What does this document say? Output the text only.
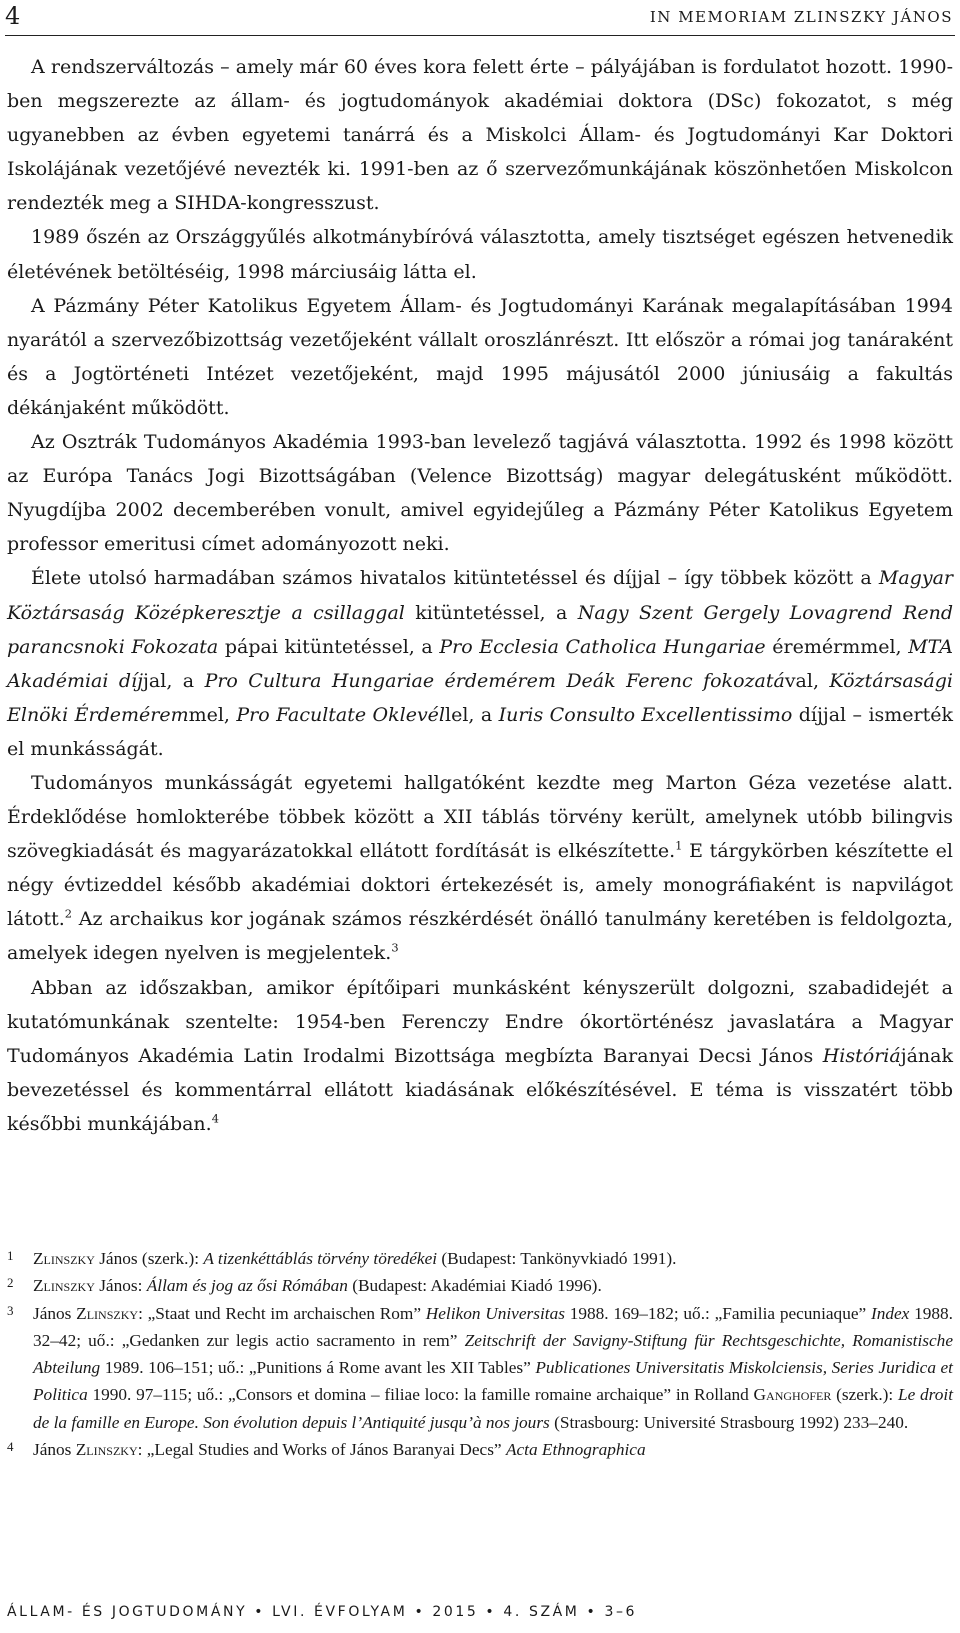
4	IN MEMORIAM ZLINSZKY JÁNOS

A rendszerváltozás – amely már 60 éves kora felett érte – pályájában is fordulatot hozott. 1990-ben megszerezte az állam- és jogtudományok akadémiai doktora (DSc) fokozatot, s még ugyanebben az évben egyetemi tanárrá és a Miskolci Állam- és Jogtudományi Kar Doktori Iskolájának vezetőjévé nevezték ki. 1991-ben az ő szervezőmunkájának köszönhetően Miskolcon rendezték meg a SIHDA-kongresszust.

1989 őszén az Országgyűlés alkotmánybíróvá választotta, amely tisztséget egészen hetvenedik életévének betöltéséig, 1998 márciusáig látta el.

A Pázmány Péter Katolikus Egyetem Állam- és Jogtudományi Karának megalapításában 1994 nyarától a szervezőbizottság vezetőjeként vállalt oroszlánrészt. Itt először a római jog tanáraként és a Jogtörténeti Intézet vezetőjeként, majd 1995 májusától 2000 júniusáig a fakultás dékánjaként működött.

Az Osztrák Tudományos Akadémia 1993-ban levelező tagjává választotta. 1992 és 1998 között az Európa Tanács Jogi Bizottságában (Velence Bizottság) magyar delegátusként működött. Nyugdíjba 2002 decemberében vonult, amivel egyidejűleg a Pázmány Péter Katolikus Egyetem professor emeritusi címet adományozott neki.

Élete utolsó harmadában számos hivatalos kitüntetéssel és díjjal – így többek között a Magyar Köztársaság Középkeresztje a csillaggal kitüntetéssel, a Nagy Szent Gergely Lovagrend Rend parancsnoki Fokozata pápai kitüntetéssel, a Pro Ecclesia Catholica Hungariae éremérmmel, MTA Akadémiai díjjal, a Pro Cultura Hungariae érdemérem Deák Ferenc fokozatával, Köztársasági Elnöki Érdeméremmel, Pro Facultate Oklevéllel, a Iuris Consulto Excellentissimo díjjal – ismerték el munkásságát.

Tudományos munkásságát egyetemi hallgatóként kezdte meg Marton Géza vezetése alatt. Érdeklődése homlokterébe többek között a XII táblás törvény került, amelynek utóbb bilingvis szövegkiadását és magyarázatokkal ellátott fordítását is elkészítette.$^1$ E tárgykörben készítette el négy évtizeddel később akadémiai doktori értekezését is, amely monográfiaként is napvilágot látott.$^2$ Az archaikus kor jogának számos részkérdését önálló tanulmány keretében is feldolgozta, amelyek idegen nyelven is megjelentek.$^3$

Abban az időszakban, amikor építőipari munkásként kényszerült dolgozni, szabadidejét a kutatómunkának szentelte: 1954-ben Ferenczy Endre ókortörténész javaslatára a Magyar Tudományos Akadémia Latin Irodalmi Bizottsága megbízta Baranyai Decsi János Históriájának bevezetéssel és kommentárral ellátott kiadásának előkészítésével. E téma is visszatért több későbbi munkájában.$^4$

1 Zlinszky János (szerk.): A tizenkéttáblás törvény töredékei (Budapest: Tankönyvkiadó 1991).

2 Zlinszky János: Állam és jog az ősi Rómában (Budapest: Akadémiai Kiadó 1996).

3 János Zlinszky: „Staat und Recht im archaischen Rom” Helikon Universitas 1988. 169–182; uő.: „Familia pecuniaque” Index 1988. 32–42; uő.: „Gedanken zur legis actio sacramento in rem” Zeitschrift der Savigny-Stiftung für Rechtsgeschichte, Romanistische Abteilung 1989. 106–151; uő.: „Punitions á Rome avant les XII Tables” Publicationes Universitatis Miskolciensis, Series Juridica et Politica 1990. 97–115; uő.: „Consors et domina – filiae loco: la famille romaine archaique” in Rolland Ganghofer (szerk.): Le droit de la famille en Europe. Son évolution depuis l’Antiquité jusqu’à nos jours (Strasbourg: Université Strasbourg 1992) 233–240.

4 János Zlinszky: „Legal Studies and Works of János Baranyai Decs” Acta Ethnographica

ÁLLAM- ÉS JOGTUDOMÁNY • LVI. ÉVFOLYAM • 2015 • 4. SZÁM • 3–6
